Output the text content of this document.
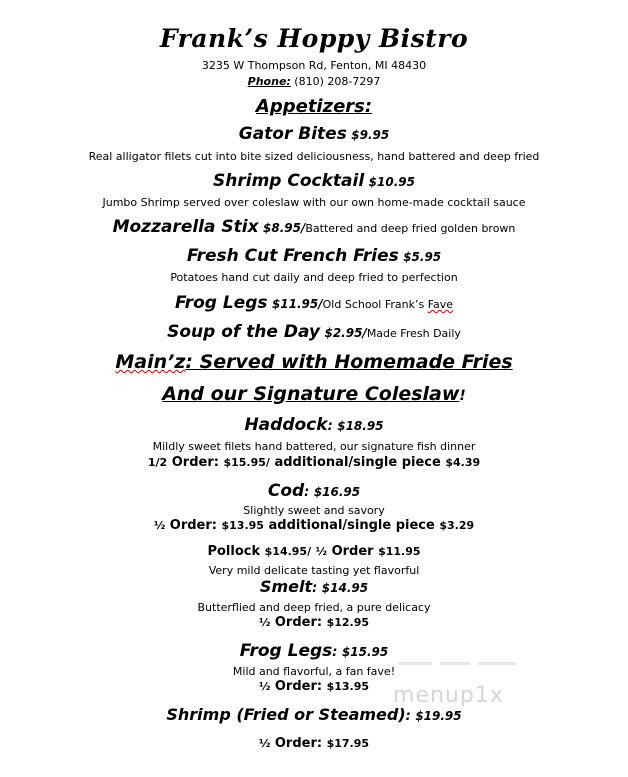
Frank’s Hoppy Bistro
3235 W Thompson Rd, Fenton, MI 48430
Phone: (810) 208-7297
Appetizers:
Gator Bites $9.95
Real alligator filets cut into bite sized deliciousness, hand battered and deep fried
Shrimp Cocktail $10.95
Jumbo Shrimp served over coleslaw with our own home-made cocktail sauce
Mozzarella Stix $8.95/Battered and deep fried golden brown
Fresh Cut French Fries $5.95
Potatoes hand cut daily and deep fried to perfection
Frog Legs $11.95/Old School Frank’s Fave
Soup of the Day $2.95/Made Fresh Daily
Main’z: Served with Homemade Fries
And our Signature Coleslaw!
Haddock: $18.95
Mildly sweet filets hand battered, our signature fish dinner
1/2 Order: $15.95/ additional/single piece $4.39
Cod: $16.95
Slightly sweet and savory
½ Order: $13.95 additional/single piece $3.29
Pollock $14.95/ ½ Order $11.95
Very mild delicate tasting yet flavorful
Smelt: $14.95
Butterflied and deep fried, a pure delicacy
½ Order: $12.95
Frog Legs: $15.95
Mild and flavorful, a fan fave!
½ Order: $13.95
Shrimp (Fried or Steamed): $19.95
½ Order: $17.95
menup1x
